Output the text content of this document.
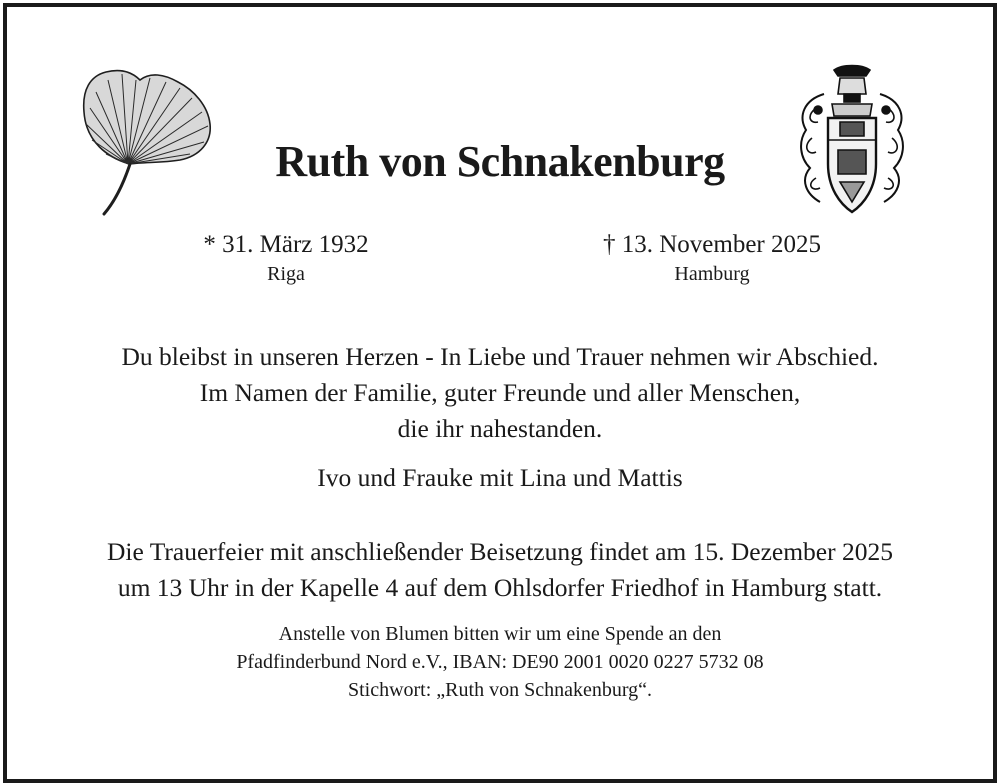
Ruth von Schnakenburg
* 31. März 1932
Riga
† 13. November 2025
Hamburg
Du bleibst in unseren Herzen - In Liebe und Trauer nehmen wir Abschied.
Im Namen der Familie, guter Freunde und aller Menschen,
die ihr nahestanden.
Ivo und Frauke mit Lina und Mattis
Die Trauerfeier mit anschließender Beisetzung findet am 15. Dezember 2025
um 13 Uhr in der Kapelle 4 auf dem Ohlsdorfer Friedhof in Hamburg statt.
Anstelle von Blumen bitten wir um eine Spende an den
Pfadfinderbund Nord e.V., IBAN: DE90 2001 0020 0227 5732 08
Stichwort: „Ruth von Schnakenburg“.
